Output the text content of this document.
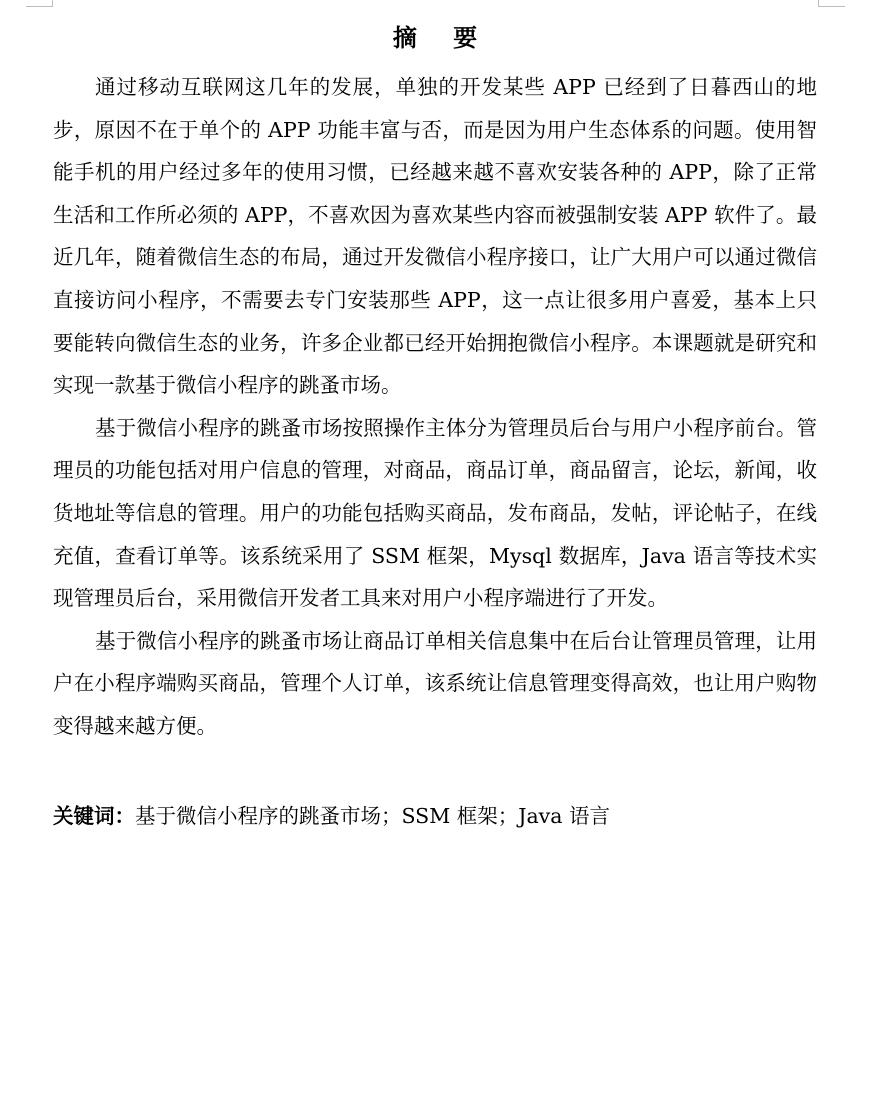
摘 要

通过移动互联网这几年的发展，单独的开发某些 APP 已经到了日暮西山的地步，原因不在于单个的 APP 功能丰富与否，而是因为用户生态体系的问题。使用智能手机的用户经过多年的使用习惯，已经越来越不喜欢安装各种的 APP，除了正常生活和工作所必须的 APP，不喜欢因为喜欢某些内容而被强制安装 APP 软件了。最近几年，随着微信生态的布局，通过开发微信小程序接口，让广大用户可以通过微信直接访问小程序，不需要去专门安装那些 APP，这一点让很多用户喜爱，基本上只要能转向微信生态的业务，许多企业都已经开始拥抱微信小程序。本课题就是研究和实现一款基于微信小程序的跳蚤市场。

基于微信小程序的跳蚤市场按照操作主体分为管理员后台与用户小程序前台。管理员的功能包括对用户信息的管理，对商品，商品订单，商品留言，论坛，新闻，收货地址等信息的管理。用户的功能包括购买商品，发布商品，发帖，评论帖子，在线充值，查看订单等。该系统采用了 SSM 框架，Mysql 数据库，Java 语言等技术实现管理员后台，采用微信开发者工具来对用户小程序端进行了开发。

基于微信小程序的跳蚤市场让商品订单相关信息集中在后台让管理员管理，让用户在小程序端购买商品，管理个人订单，该系统让信息管理变得高效，也让用户购物变得越来越方便。

关键词：基于微信小程序的跳蚤市场；SSM 框架；Java 语言
